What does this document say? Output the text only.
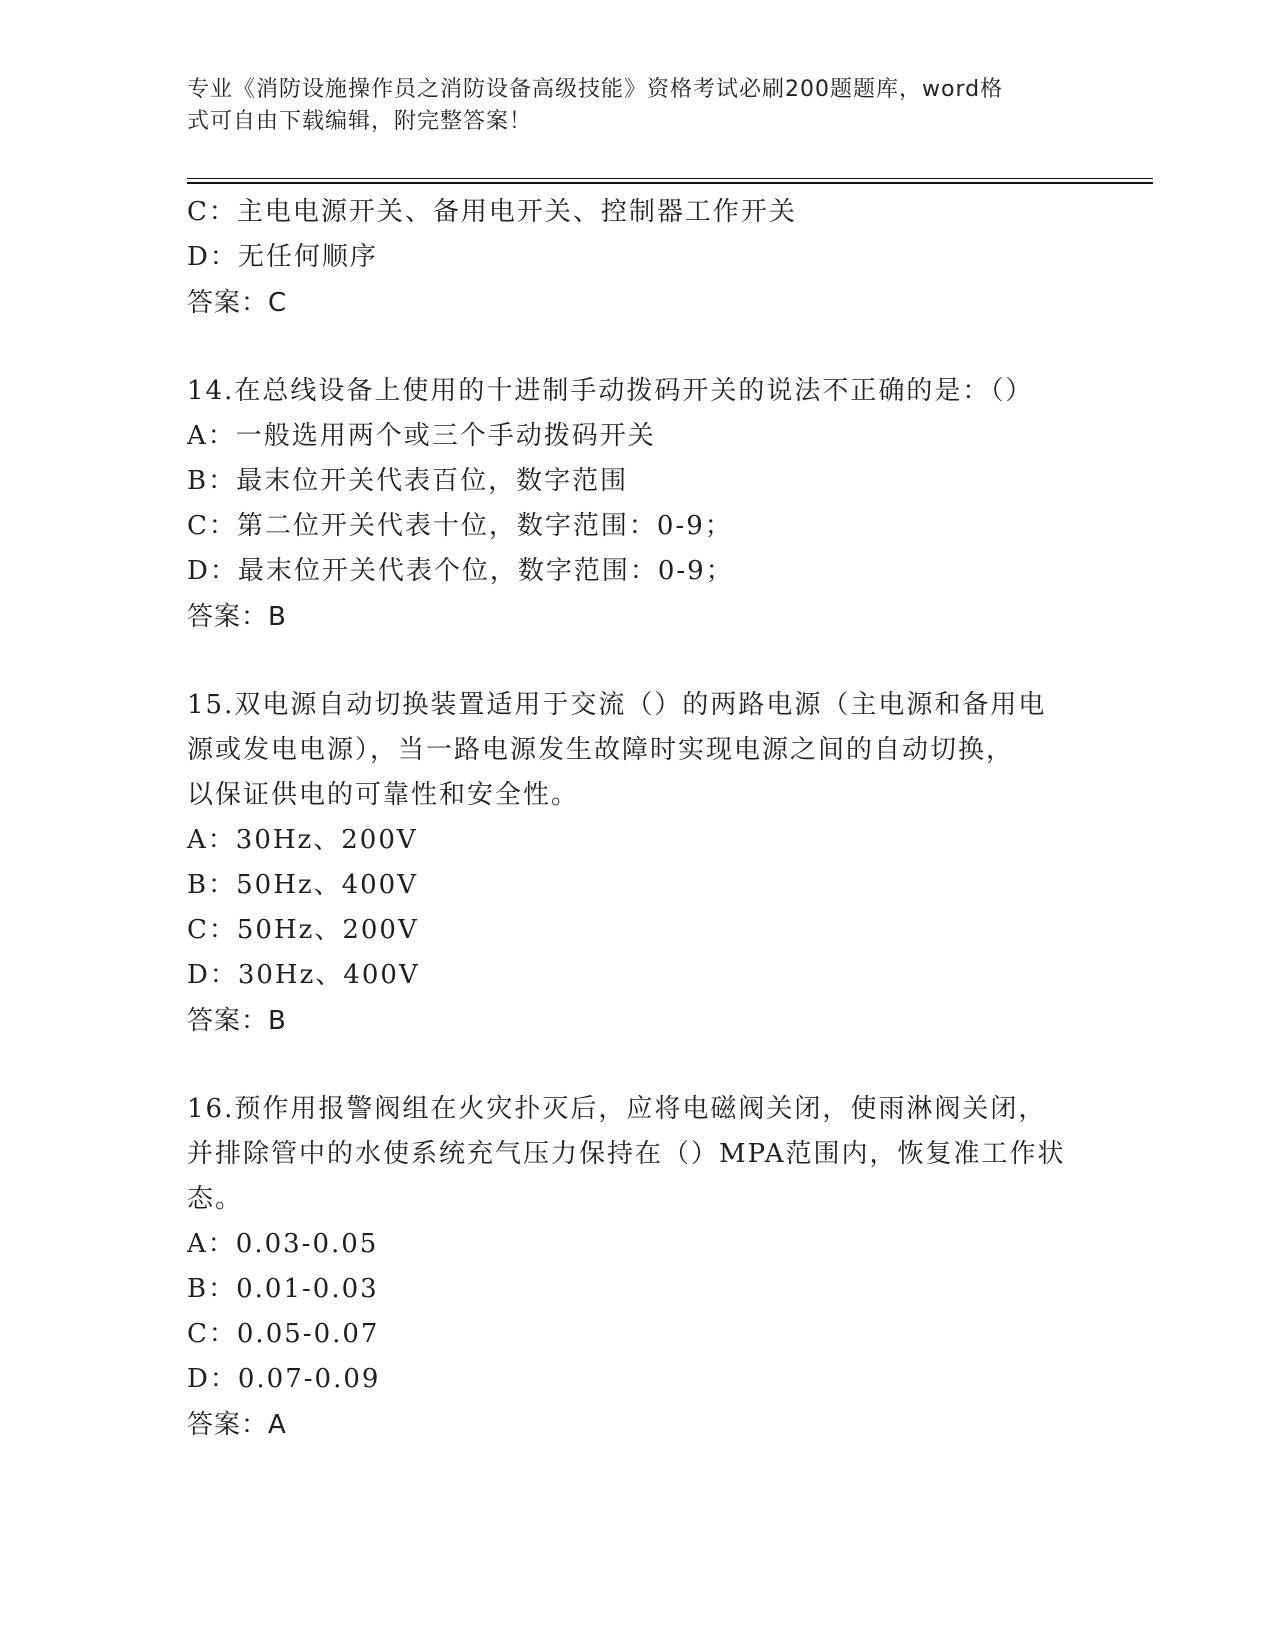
专业《消防设施操作员之消防设备高级技能》资格考试必刷200题题库，word格
式可自由下载编辑，附完整答案！
C：主电电源开关、备用电开关、控制器工作开关
D：无任何顺序
答案：C
14.在总线设备上使用的十进制手动拨码开关的说法不正确的是：（）
A：一般选用两个或三个手动拨码开关
B：最末位开关代表百位，数字范围
C：第二位开关代表十位，数字范围：0-9；
D：最末位开关代表个位，数字范围：0-9；
答案：B
15.双电源自动切换装置适用于交流（）的两路电源（主电源和备用电
源或发电电源），当一路电源发生故障时实现电源之间的自动切换，
以保证供电的可靠性和安全性。
A：30Hz、200V
B：50Hz、400V
C：50Hz、200V
D：30Hz、400V
答案：B
16.预作用报警阀组在火灾扑灭后，应将电磁阀关闭，使雨淋阀关闭，
并排除管中的水使系统充气压力保持在（）MPA范围内，恢复准工作状
态。
A：0.03-0.05
B：0.01-0.03
C：0.05-0.07
D：0.07-0.09
答案：A
